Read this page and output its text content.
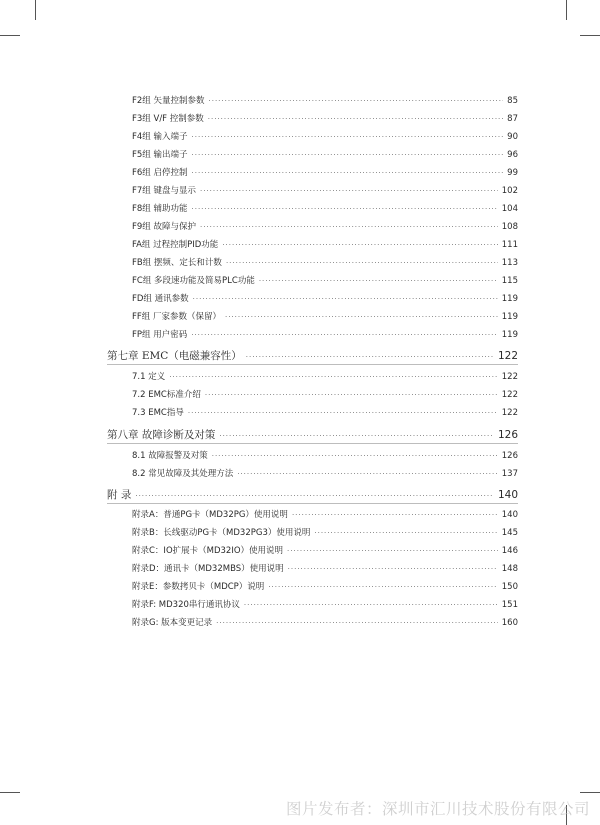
F2组 矢量控制参数 ·····	85
F3组 V/F 控制参数 ·····	87
F4组 输入端子 ·····	90
F5组 输出端子 ·····	96
F6组 启停控制 ·····	99
F7组 键盘与显示 ·····	102
F8组 辅助功能 ·····	104
F9组 故障与保护 ·····	108
FA组 过程控制PID功能 ·····	111
FB组 摆频、定长和计数 ·····	113
FC组 多段速功能及简易PLC功能 ·····	115
FD组 通讯参数 ·····	119
FF组 厂家参数（保留） ·····	119
FP组 用户密码 ·····	119
第七章 EMC（电磁兼容性） ·····	122
7.1 定义 ·····	122
7.2 EMC标准介绍 ·····	122
7.3 EMC指导 ·····	122
第八章 故障诊断及对策 ·····	126
8.1 故障报警及对策 ·····	126
8.2 常见故障及其处理方法 ·····	137
附 录 ·····	140
附录A：普通PG卡（MD32PG）使用说明 ·····	140
附录B：长线驱动PG卡（MD32PG3）使用说明 ·····	145
附录C：IO扩展卡（MD32IO）使用说明 ·····	146
附录D：通讯卡（MD32MBS）使用说明 ·····	148
附录E：参数拷贝卡（MDCP）说明 ·····	150
附录F: MD320串行通讯协议 ·····	151
附录G: 版本变更记录 ·····	160
图片发布者：深圳市汇川技术股份有限公司
